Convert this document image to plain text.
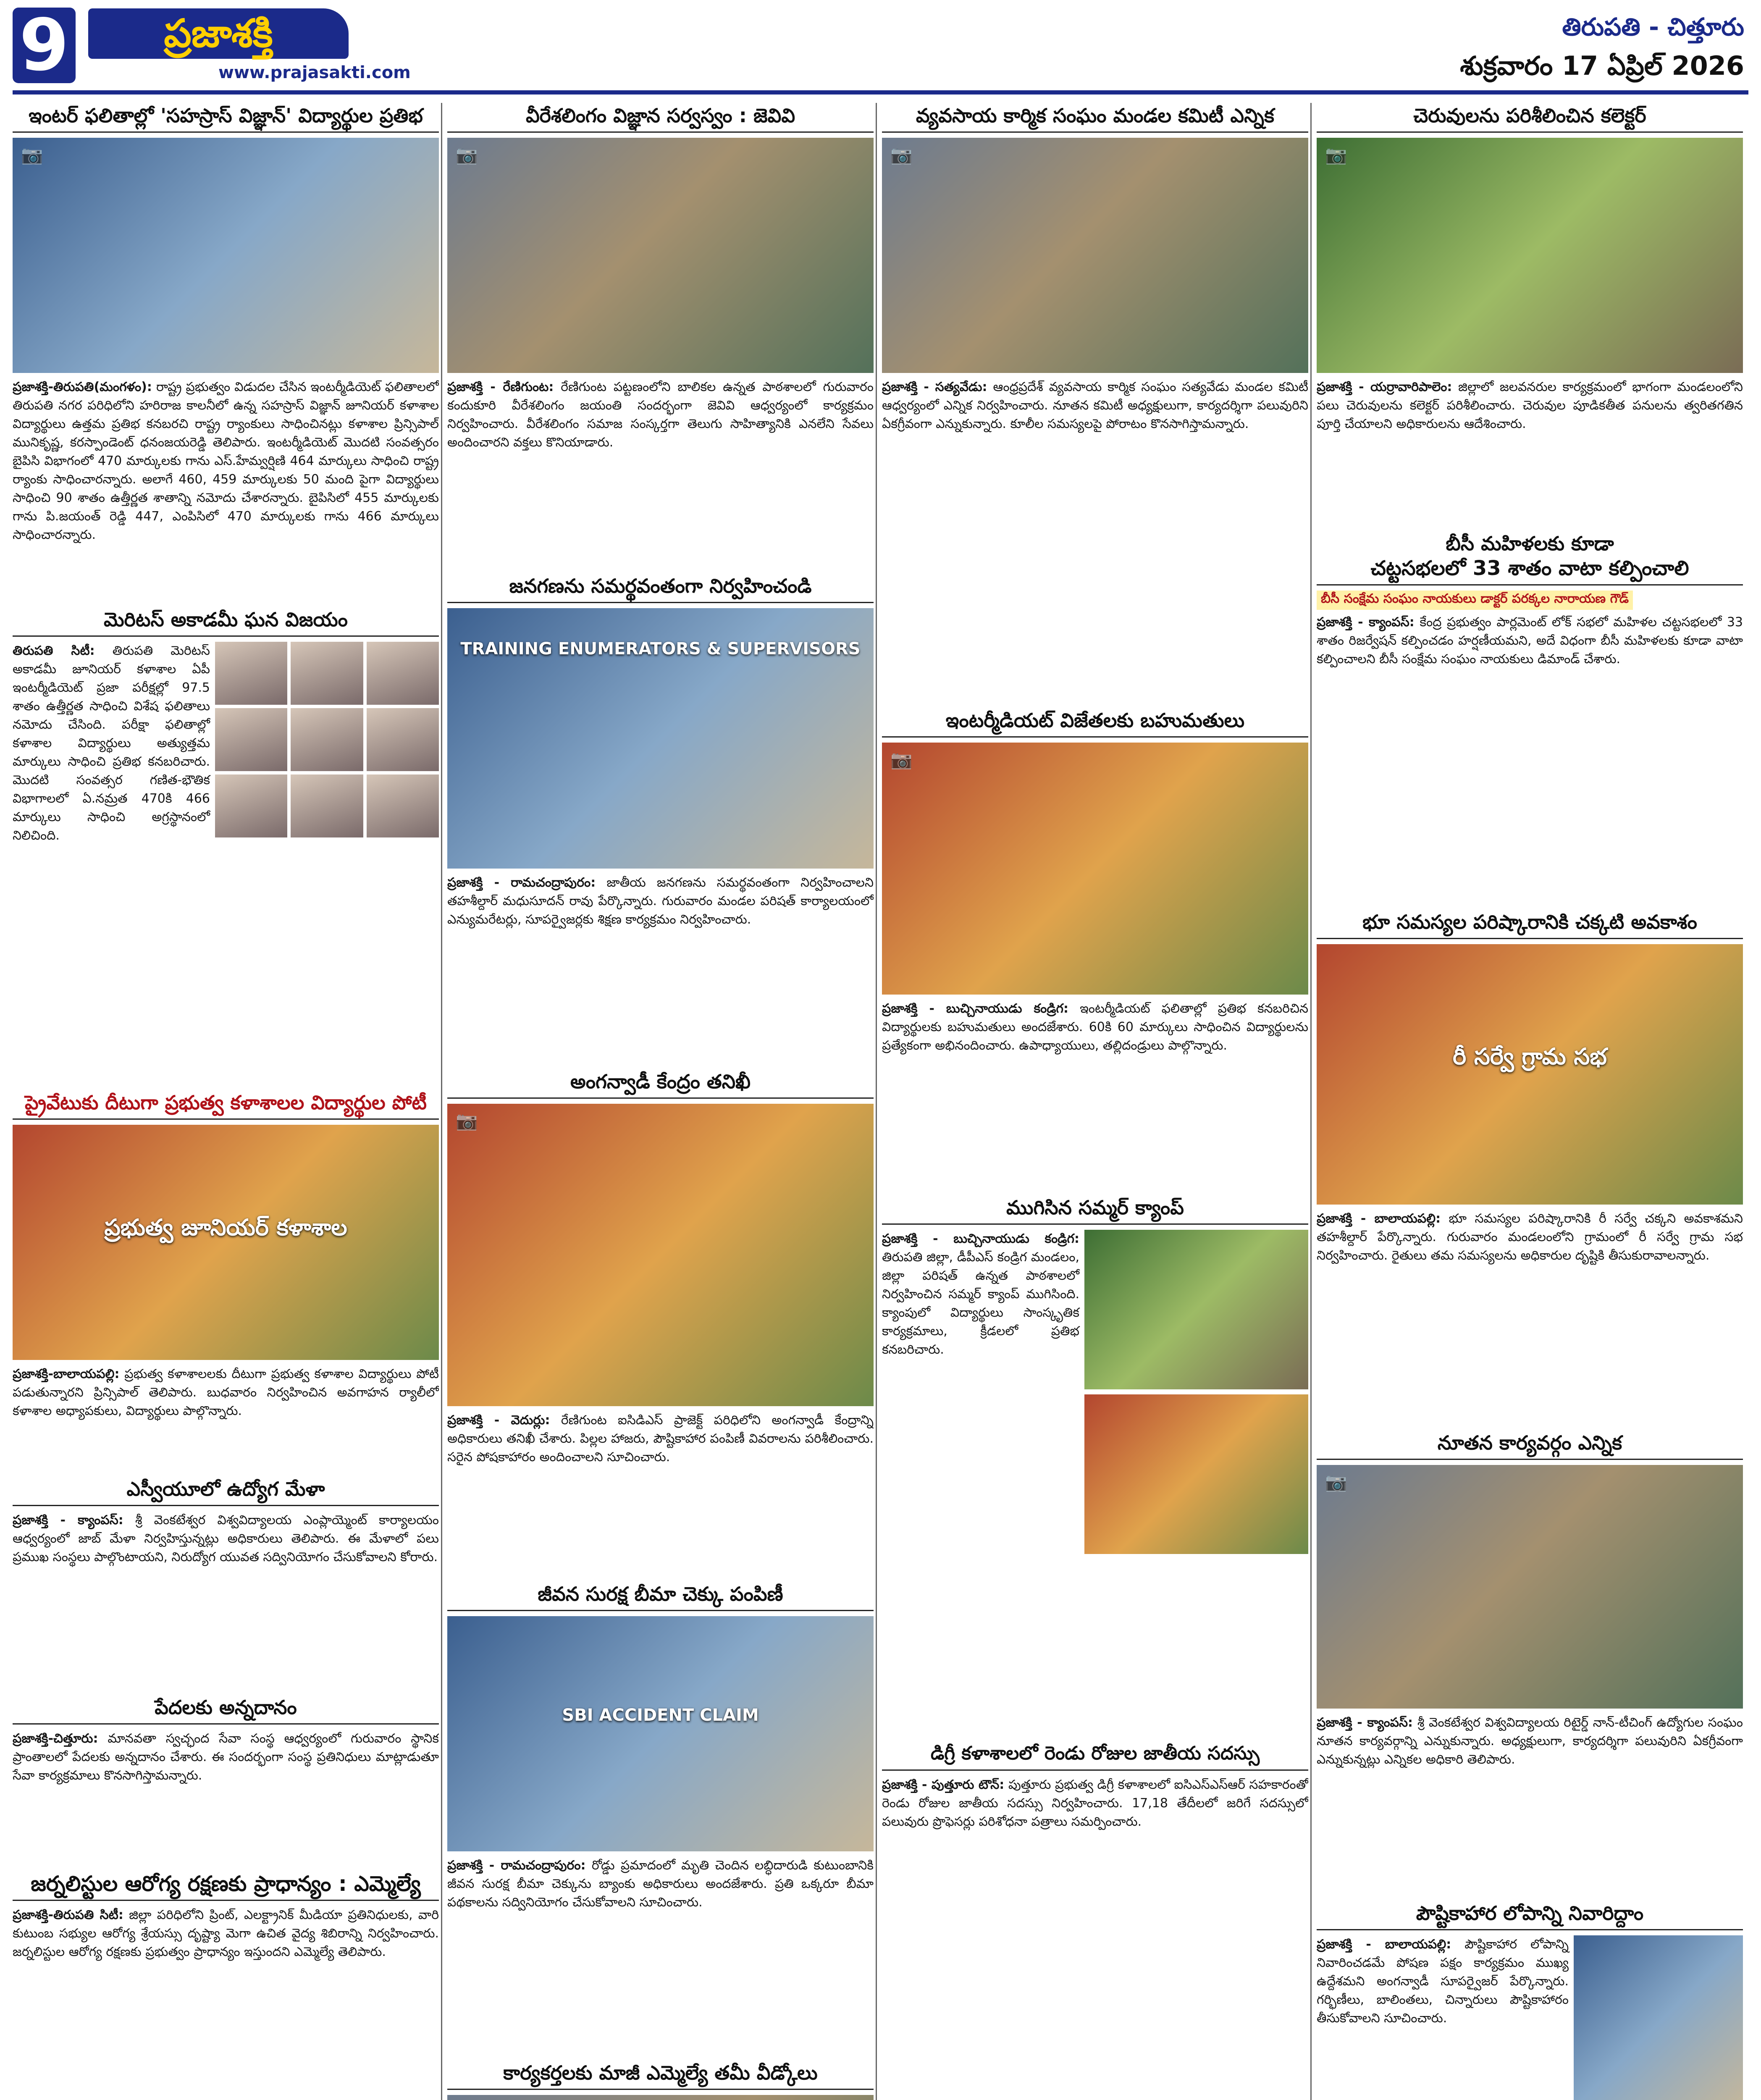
9	ప్రజాశక్తి
www.prajasakti.com
తిరుపతి - చిత్తూరు
శుక్రవారం 17 ఏప్రిల్ 2026
ఇంటర్ ఫలితాల్లో 'సహస్రాస్ విజ్ఞాన్' విద్యార్థుల ప్రతిభ
📷
ప్రజాశక్తి-తిరుపతి(మంగళం): రాష్ట్ర ప్రభుత్వం విడుదల చేసిన ఇంటర్మీడియెట్ ఫలితాలలో తిరుపతి నగర పరిధిలోని హరిరాజ కాలనీలో ఉన్న సహస్రాస్ విజ్ఞాన్ జూనియర్ కళాశాల విద్యార్థులు ఉత్తమ ప్రతిభ కనబరచి రాష్ట్ర ర్యాంకులు సాధించినట్లు కళాశాల ప్రిన్సిపాల్ మునికృష్ణ, కరస్పాండెంట్ ధనంజయరెడ్డి తెలిపారు. ఇంటర్మీడియెట్ మొదటి సంవత్సరం బైపిసి విభాగంలో 470 మార్కులకు గాను ఎస్.హేమ్వర్షిణి 464 మార్కులు సాధించి రాష్ట్ర ర్యాంకు సాధించారన్నారు. అలాగే 460, 459 మార్కులకు 50 మంది పైగా విద్యార్థులు సాధించి 90 శాతం ఉత్తీర్ణత శాతాన్ని నమోదు చేశారన్నారు. బైపిసిలో 455 మార్కులకు గాను పి.జయంత్ రెడ్డి 447, ఎంపిసిలో 470 మార్కులకు గాను 466 మార్కులు సాధించారన్నారు.
మెరిటస్ అకాడమీ ఘన విజయం
తిరుపతి సిటీ: తిరుపతి మెరిటస్ అకాడమీ జూనియర్ కళాశాల ఏపీ ఇంటర్మీడియెట్ ప్రజా పరీక్షల్లో 97.5 శాతం ఉత్తీర్ణత సాధించి విశేష ఫలితాలు నమోదు చేసింది. పరీక్షా ఫలితాల్లో కళాశాల విద్యార్థులు అత్యుత్తమ మార్కులు సాధించి ప్రతిభ కనబరిచారు. మొదటి సంవత్సర గణిత-భౌతిక విభాగాలలో ఏ.నమ్రత 470కి 466 మార్కులు సాధించి అగ్రస్థానంలో నిలిచింది.
ప్రైవేటుకు దీటుగా ప్రభుత్వ కళాశాలల విద్యార్థుల పోటీ
ప్రభుత్వ జూనియర్ కళాశాల
ప్రజాశక్తి-బాలాయపల్లి: ప్రభుత్వ కళాశాలలకు దీటుగా ప్రభుత్వ కళాశాల విద్యార్థులు పోటీ పడుతున్నారని ప్రిన్సిపాల్ తెలిపారు. బుధవారం నిర్వహించిన అవగాహన ర్యాలీలో కళాశాల అధ్యాపకులు, విద్యార్థులు పాల్గొన్నారు.
ఎస్వీయూలో ఉద్యోగ మేళా
ప్రజాశక్తి - క్యాంపస్: శ్రీ వెంకటేశ్వర విశ్వవిద్యాలయ ఎంప్లాయ్మెంట్ కార్యాలయం ఆధ్వర్యంలో జాబ్ మేళా నిర్వహిస్తున్నట్లు అధికారులు తెలిపారు. ఈ మేళాలో పలు ప్రముఖ సంస్థలు పాల్గొంటాయని, నిరుద్యోగ యువత సద్వినియోగం చేసుకోవాలని కోరారు.
పేదలకు అన్నదానం
ప్రజాశక్తి-చిత్తూరు: మానవతా స్వచ్ఛంద సేవా సంస్థ ఆధ్వర్యంలో గురువారం స్థానిక ప్రాంతాలలో పేదలకు అన్నదానం చేశారు. ఈ సందర్భంగా సంస్థ ప్రతినిధులు మాట్లాడుతూ సేవా కార్యక్రమాలు కొనసాగిస్తామన్నారు.
జర్నలిస్టుల ఆరోగ్య రక్షణకు ప్రాధాన్యం : ఎమ్మెల్యే
ప్రజాశక్తి-తిరుపతి సిటీ: జిల్లా పరిధిలోని ప్రింట్, ఎలక్ట్రానిక్ మీడియా ప్రతినిధులకు, వారి కుటుంబ సభ్యుల ఆరోగ్య శ్రేయస్సు దృష్ట్యా మెగా ఉచిత వైద్య శిబిరాన్ని నిర్వహించారు. జర్నలిస్టుల ఆరోగ్య రక్షణకు ప్రభుత్వం ప్రాధాన్యం ఇస్తుందని ఎమ్మెల్యే తెలిపారు.
వీరేశలింగం విజ్ఞాన సర్వస్వం : జెవివి
📷
ప్రజాశక్తి - రేణిగుంట: రేణిగుంట పట్టణంలోని బాలికల ఉన్నత పాఠశాలలో గురువారం కందుకూరి వీరేశలింగం జయంతి సందర్భంగా జెవివి ఆధ్వర్యంలో కార్యక్రమం నిర్వహించారు. వీరేశలింగం సమాజ సంస్కర్తగా తెలుగు సాహిత్యానికి ఎనలేని సేవలు అందించారని వక్తలు కొనియాడారు.
జనగణను సమర్థవంతంగా నిర్వహించండి
TRAINING ENUMERATORS & SUPERVISORS
ప్రజాశక్తి - రామచంద్రాపురం: జాతీయ జనగణను సమర్థవంతంగా నిర్వహించాలని తహశీల్దార్ మధుసూదన్ రావు పేర్కొన్నారు. గురువారం మండల పరిషత్ కార్యాలయంలో ఎన్యుమరేటర్లు, సూపర్వైజర్లకు శిక్షణ కార్యక్రమం నిర్వహించారు.
అంగన్వాడీ కేంద్రం తనిఖీ
📷
ప్రజాశక్తి - వెదుర్లు: రేణిగుంట ఐసిడిఎస్ ప్రాజెక్ట్ పరిధిలోని అంగన్వాడీ కేంద్రాన్ని అధికారులు తనిఖీ చేశారు. పిల్లల హాజరు, పౌష్టికాహార పంపిణీ వివరాలను పరిశీలించారు. సరైన పోషకాహారం అందించాలని సూచించారు.
జీవన సురక్ష బీమా చెక్కు పంపిణీ
SBI ACCIDENT CLAIM
ప్రజాశక్తి - రామచంద్రాపురం: రోడ్డు ప్రమాదంలో మృతి చెందిన లబ్ధిదారుడి కుటుంబానికి జీవన సురక్ష బీమా చెక్కును బ్యాంకు అధికారులు అందజేశారు. ప్రతి ఒక్కరూ బీమా పథకాలను సద్వినియోగం చేసుకోవాలని సూచించారు.
కార్యకర్తలకు మాజీ ఎమ్మెల్యే తమీ వీడ్కోలు
వ్యవసాయ కార్మిక సంఘం మండల కమిటీ ఎన్నిక
📷
ప్రజాశక్తి - సత్యవేడు: ఆంధ్రప్రదేశ్ వ్యవసాయ కార్మిక సంఘం సత్యవేడు మండల కమిటీ ఆధ్వర్యంలో ఎన్నిక నిర్వహించారు. నూతన కమిటీ అధ్యక్షులుగా, కార్యదర్శిగా పలువురిని ఏకగ్రీవంగా ఎన్నుకున్నారు. కూలీల సమస్యలపై పోరాటం కొనసాగిస్తామన్నారు.
ఇంటర్మీడియట్ విజేతలకు బహుమతులు
📷
ప్రజాశక్తి - బుచ్చినాయుడు కండ్రిగ: ఇంటర్మీడియట్ ఫలితాల్లో ప్రతిభ కనబరిచిన విద్యార్థులకు బహుమతులు అందజేశారు. 60కి 60 మార్కులు సాధించిన విద్యార్థులను ప్రత్యేకంగా అభినందించారు. ఉపాధ్యాయులు, తల్లిదండ్రులు పాల్గొన్నారు.
ముగిసిన సమ్మర్ క్యాంప్
ప్రజాశక్తి - బుచ్చినాయుడు కండ్రిగ: తిరుపతి జిల్లా, డీపీఎస్ కండ్రిగ మండలం, జిల్లా పరిషత్ ఉన్నత పాఠశాలలో నిర్వహించిన సమ్మర్ క్యాంప్ ముగిసింది. క్యాంపులో విద్యార్థులు సాంస్కృతిక కార్యక్రమాలు, క్రీడలలో ప్రతిభ కనబరిచారు.
డిగ్రీ కళాశాలలో రెండు రోజుల జాతీయ సదస్సు
ప్రజాశక్తి - పుత్తూరు టౌన్: పుత్తూరు ప్రభుత్వ డిగ్రీ కళాశాలలో ఐసిఎస్ఎస్ఆర్ సహకారంతో రెండు రోజుల జాతీయ సదస్సు నిర్వహించారు. 17,18 తేదీలలో జరిగే సదస్సులో పలువురు ప్రొఫెసర్లు పరిశోధనా పత్రాలు సమర్పించారు.
చెరువులను పరిశీలించిన కలెక్టర్
📷
ప్రజాశక్తి - యర్రావారిపాలెం: జిల్లాలో జలవనరుల కార్యక్రమంలో భాగంగా మండలంలోని పలు చెరువులను కలెక్టర్ పరిశీలించారు. చెరువుల పూడికతీత పనులను త్వరితగతిన పూర్తి చేయాలని అధికారులను ఆదేశించారు.
బీసీ మహిళలకు కూడా
చట్టసభలలో 33 శాతం వాటా కల్పించాలి
బీసీ సంక్షేమ సంఘం నాయకులు డాక్టర్ పరక్కల నారాయణ గౌడ్
ప్రజాశక్తి - క్యాంపస్: కేంద్ర ప్రభుత్వం పార్లమెంట్ లోక్ సభలో మహిళల చట్టసభలలో 33 శాతం రిజర్వేషన్ కల్పించడం హర్షణీయమని, అదే విధంగా బీసీ మహిళలకు కూడా వాటా కల్పించాలని బీసీ సంక్షేమ సంఘం నాయకులు డిమాండ్ చేశారు.
భూ సమస్యల పరిష్కారానికి చక్కటి అవకాశం
రీ సర్వే గ్రామ సభ
ప్రజాశక్తి - బాలాయపల్లి: భూ సమస్యల పరిష్కారానికి రీ సర్వే చక్కని అవకాశమని తహశీల్దార్ పేర్కొన్నారు. గురువారం మండలంలోని గ్రామంలో రీ సర్వే గ్రామ సభ నిర్వహించారు. రైతులు తమ సమస్యలను అధికారుల దృష్టికి తీసుకురావాలన్నారు.
నూతన కార్యవర్గం ఎన్నిక
📷
ప్రజాశక్తి - క్యాంపస్: శ్రీ వెంకటేశ్వర విశ్వవిద్యాలయ రిటైర్డ్ నాన్-టీచింగ్ ఉద్యోగుల సంఘం నూతన కార్యవర్గాన్ని ఎన్నుకున్నారు. అధ్యక్షులుగా, కార్యదర్శిగా పలువురిని ఏకగ్రీవంగా ఎన్నుకున్నట్లు ఎన్నికల అధికారి తెలిపారు.
పౌష్టికాహార లోపాన్ని నివారిద్దాం
ప్రజాశక్తి - బాలాయపల్లి: పౌష్టికాహార లోపాన్ని నివారించడమే పోషణ పక్షం కార్యక్రమం ముఖ్య ఉద్దేశమని అంగన్వాడీ సూపర్వైజర్ పేర్కొన్నారు. గర్భిణీలు, బాలింతలు, చిన్నారులు పౌష్టికాహారం తీసుకోవాలని సూచించారు.
